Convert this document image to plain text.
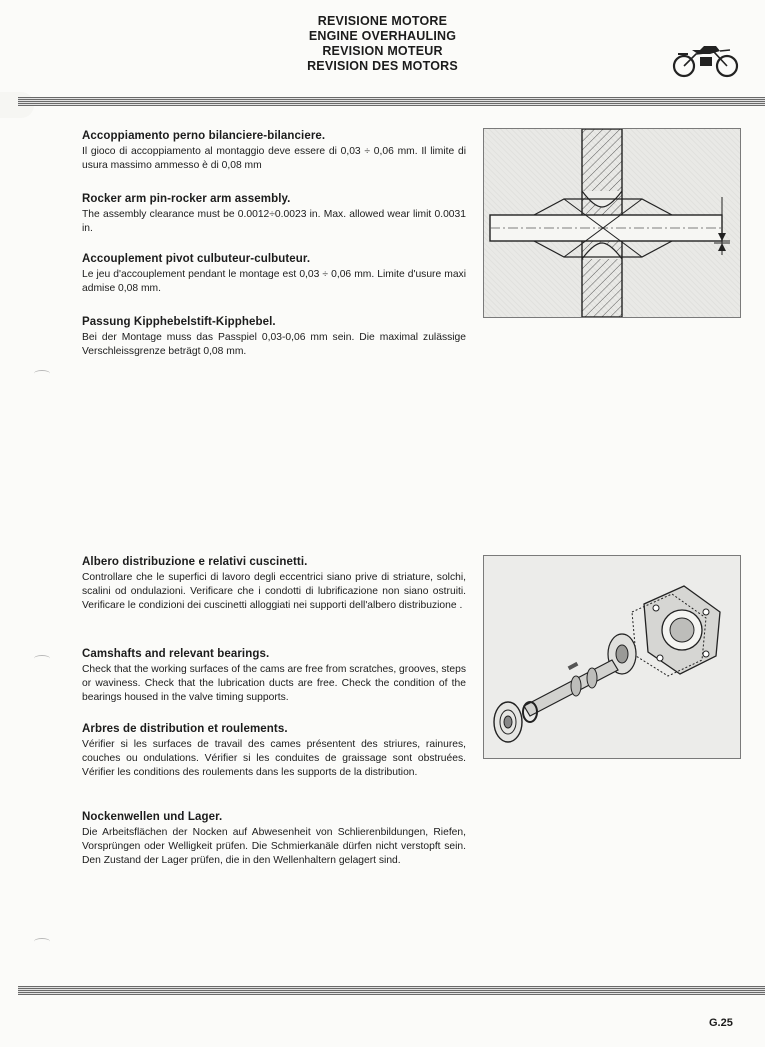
REVISIONE MOTORE
ENGINE OVERHAULING
REVISION MOTEUR
REVISION DES MOTORS
Accoppiamento perno bilanciere-bilanciere.

Il gioco di accoppiamento al montaggio deve essere di 0,03 ÷ 0,06 mm. Il limite di usura massimo ammesso è di 0,08 mm

Rocker arm pin-rocker arm assembly.

The assembly clearance must be 0.0012÷0.0023 in. Max. allowed wear limit 0.0031 in.

Accouplement pivot culbuteur-culbuteur.

Le jeu d'accouplement pendant le montage est 0,03 ÷ 0,06 mm. Limite d'usure maxi admise 0,08 mm.

Passung Kipphebelstift-Kipphebel.

Bei der Montage muss das Passpiel 0,03-0,06 mm sein. Die maximal zulässige Verschleissgrenze beträgt 0,08 mm.

Albero distribuzione e relativi cuscinetti.

Controllare che le superfici di lavoro degli eccentrici siano prive di striature, solchi, scalini od ondulazioni. Verificare che i condotti di lubrificazione non siano ostruiti. Verificare le condizioni dei cuscinetti alloggiati nei supporti dell'albero distribuzione .

Camshafts and relevant bearings.

Check that the working surfaces of the cams are free from scratches, grooves, steps or waviness. Check that the lubrication ducts are free. Check the condition of the bearings housed in the valve timing supports.

Arbres de distribution et roulements.

Vérifier si les surfaces de travail des cames présentent des striures, rainures, couches ou ondulations. Vérifier si les conduites de graissage sont obstruées. Vérifier les conditions des roulements dans les supports de la distribution.

Nockenwellen und Lager.

Die Arbeitsflächen der Nocken auf Abwesenheit von Schlierenbildungen, Riefen, Vorsprüngen oder Welligkeit prüfen. Die Schmierkanäle dürfen nicht verstopft sein. Den Zustand der Lager prüfen, die in den Wellenhaltern gelagert sind.

G.25
